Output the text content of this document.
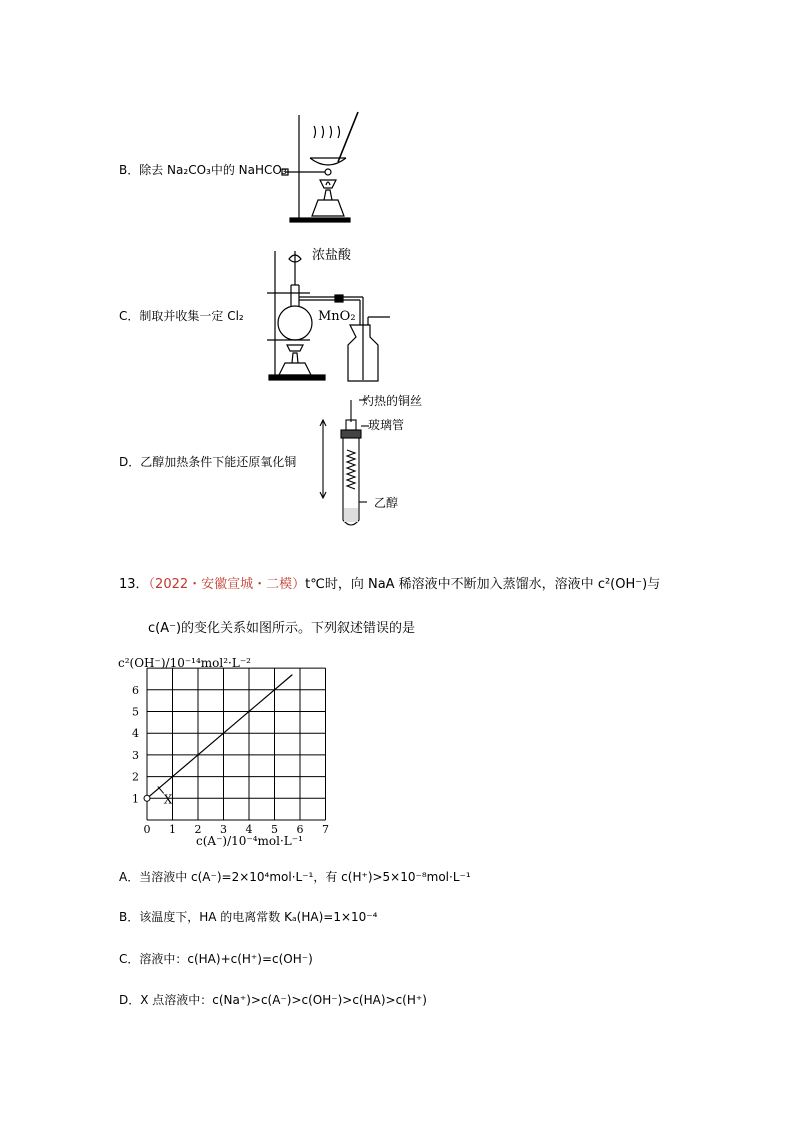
B．除去 Na₂CO₃中的 NaHCO₃
C．制取并收集一定 Cl₂
浓盐酸
MnO₂
D．乙醇加热条件下能还原氧化铜
灼热的铜丝
玻璃管
乙醇
13．（2022・安徽宣城・二模）t℃时，向 NaA 稀溶液中不断加入蒸馏水，溶液中 c²(OH⁻)与
c(A⁻)的变化关系如图所示。下列叙述错误的是
c²(OH⁻)/10⁻¹⁴mol²·L⁻²
0 1 2 3 4 5 6 7
1
2
3
4
5
6
X
c(A⁻)/10⁻⁴mol·L⁻¹
A．当溶液中 c(A⁻)=2×10⁴mol·L⁻¹，有 c(H⁺)>5×10⁻⁸mol·L⁻¹
B．该温度下，HA 的电离常数 Kₐ(HA)=1×10⁻⁴
C．溶液中：c(HA)+c(H⁺)=c(OH⁻)
D．X 点溶液中：c(Na⁺)>c(A⁻)>c(OH⁻)>c(HA)>c(H⁺)
